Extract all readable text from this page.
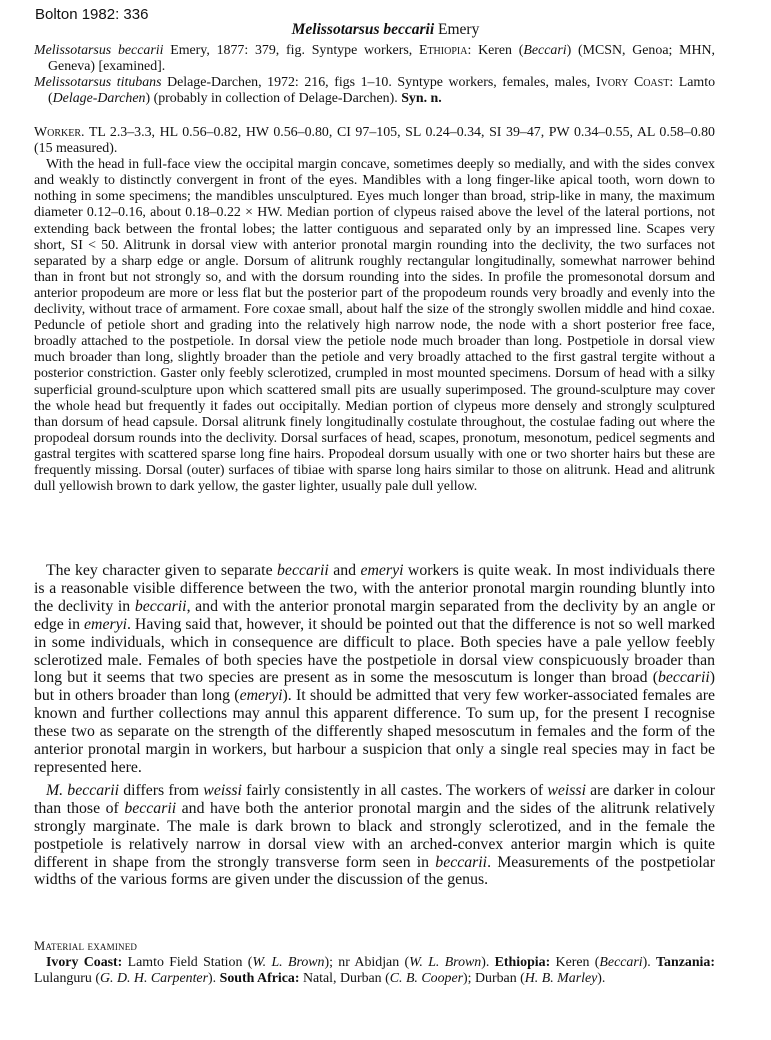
Bolton 1982: 336
Melissotarsus beccarii Emery

Melissotarsus beccarii Emery, 1877: 379, fig. Syntype workers, Ethiopia: Keren (Beccari) (MCSN, Genoa; MHN, Geneva) [examined].

Melissotarsus titubans Delage-Darchen, 1972: 216, figs 1–10. Syntype workers, females, males, Ivory Coast: Lamto (Delage-Darchen) (probably in collection of Delage-Darchen). Syn. n.

Worker. TL 2.3–3.3, HL 0.56–0.82, HW 0.56–0.80, CI 97–105, SL 0.24–0.34, SI 39–47, PW 0.34–0.55, AL 0.58–0.80 (15 measured).

With the head in full-face view the occipital margin concave, sometimes deeply so medially, and with the sides convex and weakly to distinctly convergent in front of the eyes. Mandibles with a long finger-like apical tooth, worn down to nothing in some specimens; the mandibles unsculptured. Eyes much longer than broad, strip-like in many, the maximum diameter 0.12–0.16, about 0.18–0.22 × HW. Median portion of clypeus raised above the level of the lateral portions, not extending back between the frontal lobes; the latter contiguous and separated only by an impressed line. Scapes very short, SI < 50. Alitrunk in dorsal view with anterior pronotal margin rounding into the declivity, the two surfaces not separated by a sharp edge or angle. Dorsum of alitrunk roughly rectangular longitudinally, somewhat narrower behind than in front but not strongly so, and with the dorsum rounding into the sides. In profile the promesonotal dorsum and anterior propodeum are more or less flat but the posterior part of the propodeum rounds very broadly and evenly into the declivity, without trace of armament. Fore coxae small, about half the size of the strongly swollen middle and hind coxae. Peduncle of petiole short and grading into the relatively high narrow node, the node with a short posterior free face, broadly attached to the postpetiole. In dorsal view the petiole node much broader than long. Postpetiole in dorsal view much broader than long, slightly broader than the petiole and very broadly attached to the first gastral tergite without a posterior constriction. Gaster only feebly sclerotized, crumpled in most mounted specimens. Dorsum of head with a silky superficial ground-sculpture upon which scattered small pits are usually superimposed. The ground-sculpture may cover the whole head but frequently it fades out occipitally. Median portion of clypeus more densely and strongly sculptured than dorsum of head capsule. Dorsal alitrunk finely longitudinally costulate throughout, the costulae fading out where the propodeal dorsum rounds into the declivity. Dorsal surfaces of head, scapes, pronotum, mesonotum, pedicel segments and gastral tergites with scattered sparse long fine hairs. Propodeal dorsum usually with one or two shorter hairs but these are frequently missing. Dorsal (outer) surfaces of tibiae with sparse long hairs similar to those on alitrunk. Head and alitrunk dull yellowish brown to dark yellow, the gaster lighter, usually pale dull yellow.

The key character given to separate beccarii and emeryi workers is quite weak. In most individuals there is a reasonable visible difference between the two, with the anterior pronotal margin rounding bluntly into the declivity in beccarii, and with the anterior pronotal margin separated from the declivity by an angle or edge in emeryi. Having said that, however, it should be pointed out that the difference is not so well marked in some individuals, which in consequence are difficult to place. Both species have a pale yellow feebly sclerotized male. Females of both species have the postpetiole in dorsal view conspicuously broader than long but it seems that two species are present as in some the mesoscutum is longer than broad (beccarii) but in others broader than long (emeryi). It should be admitted that very few worker-associated females are known and further collections may annul this apparent difference. To sum up, for the present I recognise these two as separate on the strength of the differently shaped mesoscutum in females and the form of the anterior pronotal margin in workers, but harbour a suspicion that only a single real species may in fact be represented here.

M. beccarii differs from weissi fairly consistently in all castes. The workers of weissi are darker in colour than those of beccarii and have both the anterior pronotal margin and the sides of the alitrunk relatively strongly marginate. The male is dark brown to black and strongly sclerotized, and in the female the postpetiole is relatively narrow in dorsal view with an arched-convex anterior margin which is quite different in shape from the strongly transverse form seen in beccarii. Measurements of the postpetiolar widths of the various forms are given under the discussion of the genus.

Material examined

Ivory Coast: Lamto Field Station (W. L. Brown); nr Abidjan (W. L. Brown). Ethiopia: Keren (Beccari). Tanzania: Lulanguru (G. D. H. Carpenter). South Africa: Natal, Durban (C. B. Cooper); Durban (H. B. Marley).
